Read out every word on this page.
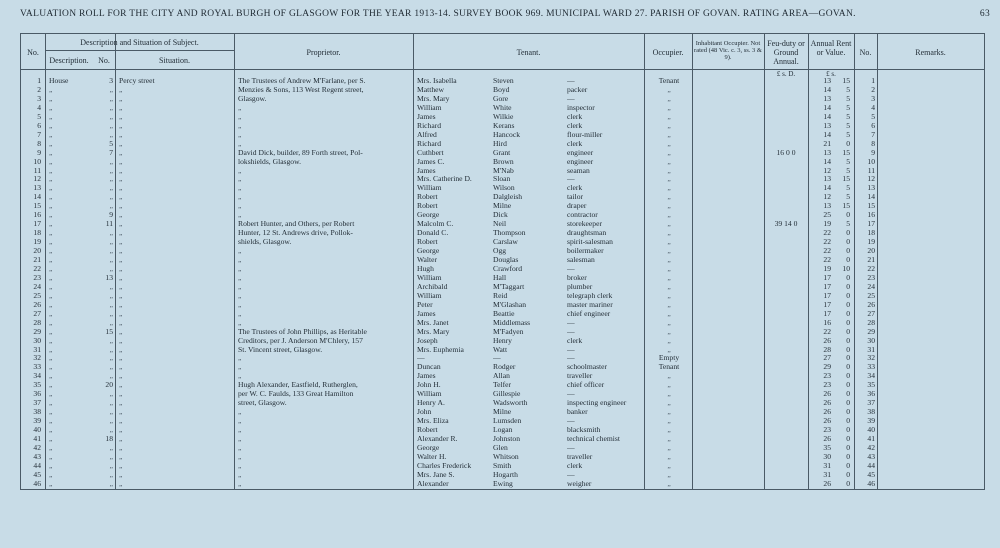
VALUATION ROLL FOR THE CITY AND ROYAL BURGH OF GLASGOW FOR THE YEAR 1913-14. SURVEY BOOK 969. MUNICIPAL WARD 27. PARISH OF GOVAN. RATING AREA—GOVAN.	63
No.
Description and Situation of Subject.
Description.	No.	Situation.
Proprietor.	Tenant.	Occupier.
Inhabitant Occupier. Not rated (48 Vic. c. 3, ss. 3 & 9).
Feu-duty or Ground Annual.
Annual Rent or Value.	No.	Remarks.
£ s. D.	£ s.
1 House	3 Percy street	The Trustees of Andrew M'Farlane, per S.	Mrs. Isabella	Steven	—	Tenant	13	15	1
2 „	„ „	Menzies & Sons, 113 West Regent street,	Matthew	Boyd	packer	„	14	5	2
3 „	„ „	Glasgow.	Mrs. Mary	Gore	—	„	13	5	3
4 „	„ „	„	William	White	inspector	„	14	5	4
5 „	„ „	„	James	Wilkie	clerk	„	14	5	5
6 „	„ „	„	Richard	Kerans	clerk	„	13	5	6
7 „	„ „	„	Alfred	Hancock	flour-miller	„	14	5	7
8 „	5 „	„	Richard	Hird	clerk	„	21	0	8
9 „	7 „	David Dick, builder, 89 Forth street, Pol-	Cuthbert	Grant	engineer	„	16 0 0	13	15	9
10 „	„ „	lokshields, Glasgow.	James C.	Brown	engineer	„	14	5	10
11 „	„ „	„	James	M'Nab	seaman	„	12	5	11
12 „	„ „	„	Mrs. Catherine D.	Sloan	—	„	13	15	12
13 „	„ „	„	William	Wilson	clerk	„	14	5	13
14 „	„ „	„	Robert	Dalgleish	tailor	„	12	5	14
15 „	„ „	„	Robert	Milne	draper	„	13	15	15
16 „	9 „	„	George	Dick	contractor	„	25	0	16
17 „	11 „	Robert Hunter, and Others, per Robert	Malcolm C.	Neil	storekeeper	„	39 14 0	19	5	17
18 „	„ „	Hunter, 12 St. Andrews drive, Pollok-	Donald C.	Thompson	draughtsman	„	22	0	18
19 „	„ „	shields, Glasgow.	Robert	Carslaw	spirit-salesman	„	22	0	19
20 „	„ „	„	George	Ogg	boilermaker	„	22	0	20
21 „	„ „	„	Walter	Douglas	salesman	„	22	0	21
22 „	„ „	„	Hugh	Crawford	—	„	19	10	22
23 „	13 „	„	William	Hall	broker	„	17	0	23
24 „	„ „	„	Archibald	M'Taggart	plumber	„	17	0	24
25 „	„ „	„	William	Reid	telegraph clerk	„	17	0	25
26 „	„ „	„	Peter	M'Glashan	master mariner	„	17	0	26
27 „	„ „	„	James	Beattie	chief engineer	„	17	0	27
28 „	„ „	„	Mrs. Janet	Middlemass	—	„	16	0	28
29 „	15 „	The Trustees of John Phillips, as Heritable	Mrs. Mary	M'Fadyen	—	„	22	0	29
30 „	„ „	Creditors, per J. Anderson M'Chlery, 157	Joseph	Henry	clerk	„	26	0	30
31 „	„ „	St. Vincent street, Glasgow.	Mrs. Euphemia	Watt	—	„	28	0	31
32 „	„ „	„	—	—	—	Empty	27	0	32
33 „	„ „	„	Duncan	Rodger	schoolmaster	Tenant	29	0	33
34 „	„ „	„	James	Allan	traveller	„	23	0	34
35 „	20 „	Hugh Alexander, Eastfield, Rutherglen,	John H.	Telfer	chief officer	„	23	0	35
36 „	„ „	per W. C. Faulds, 133 Great Hamilton	William	Gillespie	—	„	26	0	36
37 „	„ „	street, Glasgow.	Henry A.	Wadsworth	inspecting engineer	„	26	0	37
38 „	„ „	„	John	Milne	banker	„	26	0	38
39 „	„ „	„	Mrs. Eliza	Lumsden	—	„	26	0	39
40 „	„ „	„	Robert	Logan	blacksmith	„	23	0	40
41 „	18 „	„	Alexander R.	Johnston	technical chemist	„	26	0	41
42 „	„ „	„	George	Glen	—	„	35	0	42
43 „	„ „	„	Walter H.	Whitson	traveller	„	30	0	43
44 „	„ „	„	Charles Frederick	Smith	clerk	„	31	0	44
45 „	„ „	„	Mrs. Jane S.	Hogarth	—	„	31	0	45
46 „	„ „	„	Alexander	Ewing	weigher	„	26	0	46
